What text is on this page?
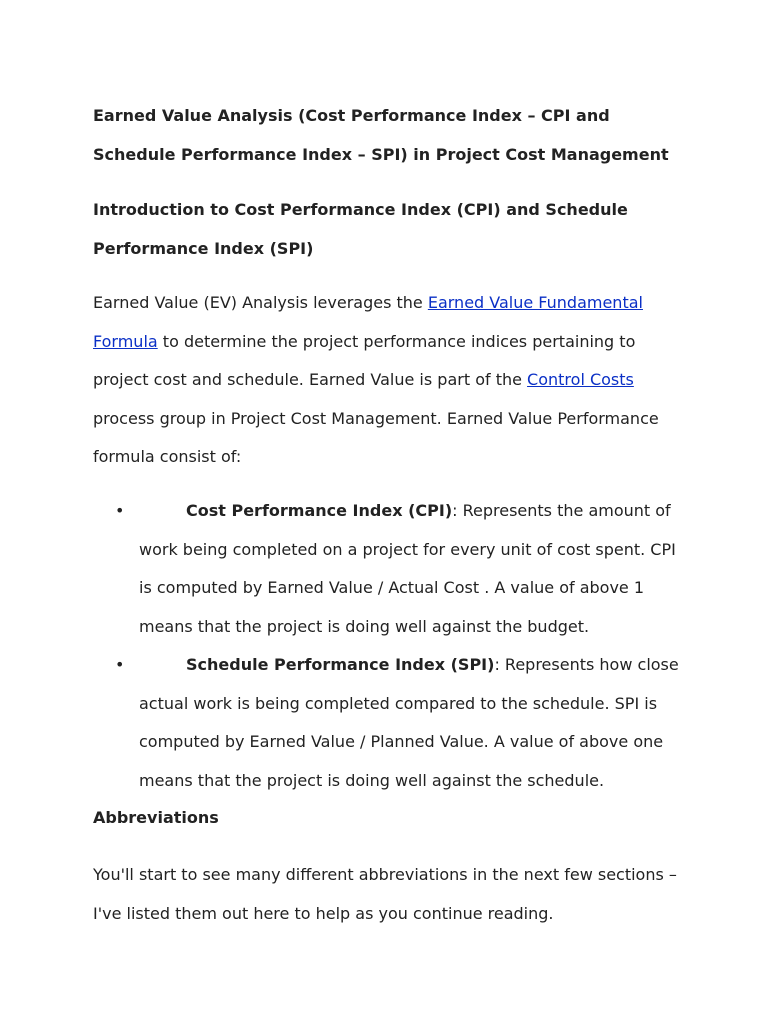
Earned Value Analysis (Cost Performance Index – CPI and Schedule Performance Index – SPI) in Project Cost Management
Introduction to Cost Performance Index (CPI) and Schedule Performance Index (SPI)

Earned Value (EV) Analysis leverages the Earned Value Fundamental Formula to determine the project performance indices pertaining to project cost and schedule. Earned Value is part of the Control Costs process group in Project Cost Management. Earned Value Performance formula consist of:

•	Cost Performance Index (CPI): Represents the amount of work being completed on a project for every unit of cost spent. CPI is computed by Earned Value / Actual Cost . A value of above 1 means that the project is doing well against the budget.
•	Schedule Performance Index (SPI): Represents how close actual work is being completed compared to the schedule. SPI is computed by Earned Value / Planned Value. A value of above one means that the project is doing well against the schedule.
Abbreviations

You'll start to see many different abbreviations in the next few sections – I've listed them out here to help as you continue reading.
